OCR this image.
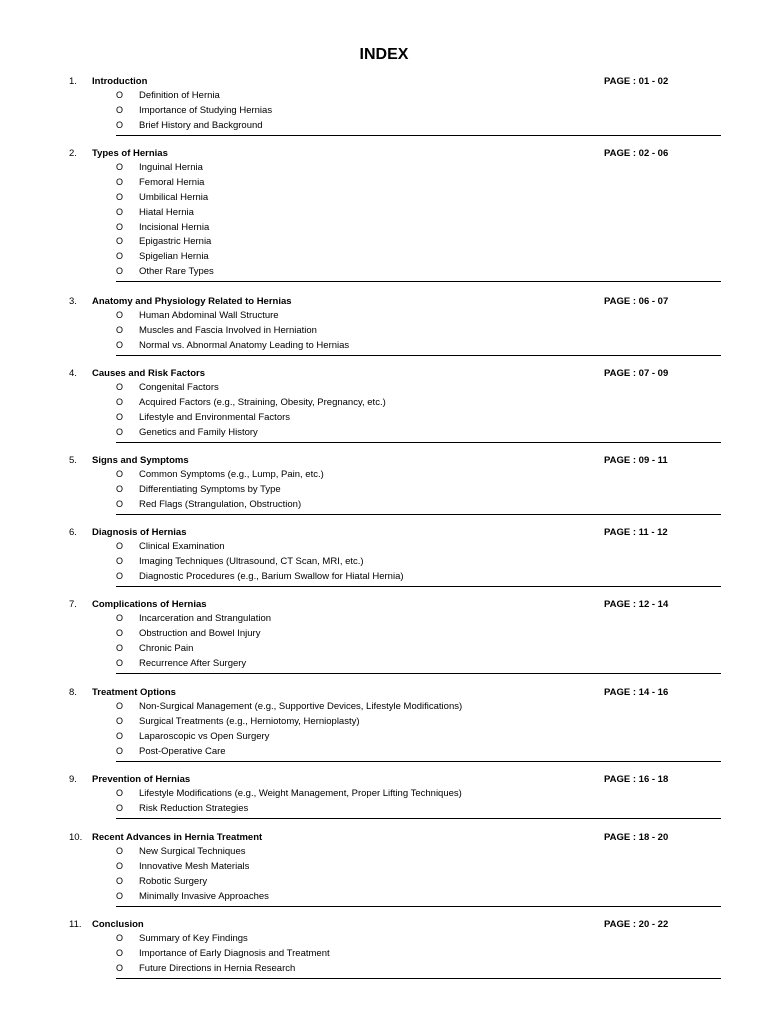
INDEX
1. Introduction	PAGE : 01 - 02
O Definition of Hernia
O Importance of Studying Hernias
O Brief History and Background
2. Types of Hernias	PAGE : 02 - 06
O Inguinal Hernia
O Femoral Hernia
O Umbilical Hernia
O Hiatal Hernia
O Incisional Hernia
O Epigastric Hernia
O Spigelian Hernia
O Other Rare Types
3. Anatomy and Physiology Related to Hernias	PAGE : 06 - 07
O Human Abdominal Wall Structure
O Muscles and Fascia Involved in Herniation
O Normal vs. Abnormal Anatomy Leading to Hernias
4. Causes and Risk Factors	PAGE : 07 - 09
O Congenital Factors
O Acquired Factors (e.g., Straining, Obesity, Pregnancy, etc.)
O Lifestyle and Environmental Factors
O Genetics and Family History
5. Signs and Symptoms	PAGE : 09 - 11
O Common Symptoms (e.g., Lump, Pain, etc.)
O Differentiating Symptoms by Type
O Red Flags (Strangulation, Obstruction)
6. Diagnosis of Hernias	PAGE : 11 - 12
O Clinical Examination
O Imaging Techniques (Ultrasound, CT Scan, MRI, etc.)
O Diagnostic Procedures (e.g., Barium Swallow for Hiatal Hernia)
7. Complications of Hernias	PAGE : 12 - 14
O Incarceration and Strangulation
O Obstruction and Bowel Injury
O Chronic Pain
O Recurrence After Surgery
8. Treatment Options	PAGE : 14 - 16
O Non-Surgical Management (e.g., Supportive Devices, Lifestyle Modifications)
O Surgical Treatments (e.g., Herniotomy, Hernioplasty)
O Laparoscopic vs Open Surgery
O Post-Operative Care
9. Prevention of Hernias	PAGE : 16 - 18
O Lifestyle Modifications (e.g., Weight Management, Proper Lifting Techniques)
O Risk Reduction Strategies
10. Recent Advances in Hernia Treatment	PAGE : 18 - 20
O New Surgical Techniques
O Innovative Mesh Materials
O Robotic Surgery
O Minimally Invasive Approaches
11. Conclusion	PAGE : 20 - 22
O Summary of Key Findings
O Importance of Early Diagnosis and Treatment
O Future Directions in Hernia Research
